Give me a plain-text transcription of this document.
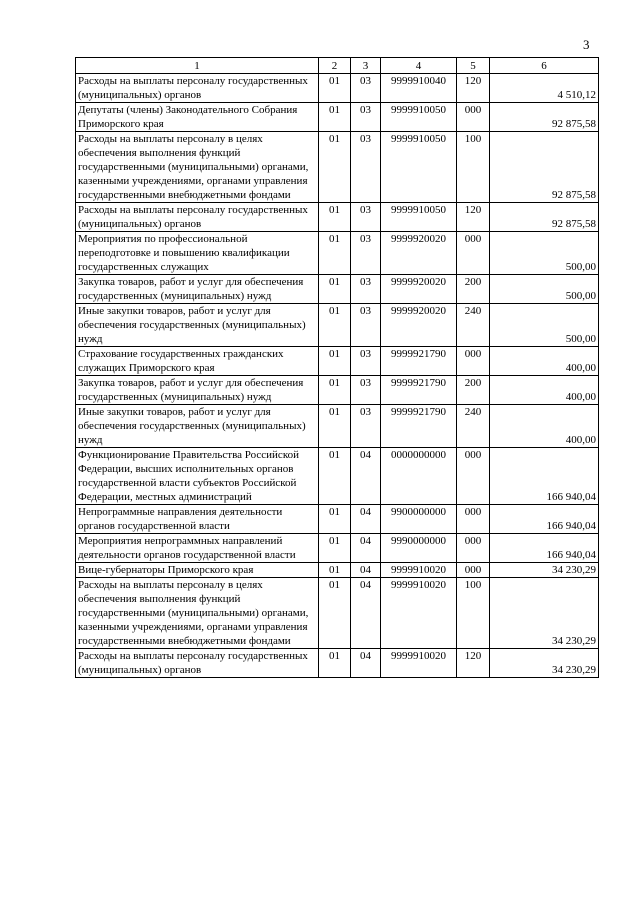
3
1	2	3	4	5	6
Расходы на выплаты персоналу государственных (муниципальных) органов	01	03	9999910040	120	4 510,12
Депутаты (члены) Законодательного Собрания Приморского края	01	03	9999910050	000	92 875,58
Расходы на выплаты персоналу в целях обеспечения выполнения функций государственными (муниципальными) органами, казенными учреждениями, органами управления государственными внебюджетными фондами	01	03	9999910050	100	92 875,58
Расходы на выплаты персоналу государственных (муниципальных) органов	01	03	9999910050	120	92 875,58
Мероприятия по профессиональной переподготовке и повышению квалификации государственных служащих	01	03	9999920020	000	500,00
Закупка товаров, работ и услуг для обеспечения государственных (муниципальных) нужд	01	03	9999920020	200	500,00
Иные закупки товаров, работ и услуг для обеспечения государственных (муниципальных) нужд	01	03	9999920020	240	500,00
Страхование государственных гражданских служащих Приморского края	01	03	9999921790	000	400,00
Закупка товаров, работ и услуг для обеспечения государственных (муниципальных) нужд	01	03	9999921790	200	400,00
Иные закупки товаров, работ и услуг для обеспечения государственных (муниципальных) нужд	01	03	9999921790	240	400,00
Функционирование Правительства Российской Федерации, высших исполнительных органов государственной власти субъектов Российской Федерации, местных администраций	01	04	0000000000	000	166 940,04
Непрограммные направления деятельности органов государственной власти	01	04	9900000000	000	166 940,04
Мероприятия непрограммных направлений деятельности органов государственной власти	01	04	9990000000	000	166 940,04
Вице-губернаторы Приморского края	01	04	9999910020	000	34 230,29
Расходы на выплаты персоналу в целях обеспечения выполнения функций государственными (муниципальными) органами, казенными учреждениями, органами управления государственными внебюджетными фондами	01	04	9999910020	100	34 230,29
Расходы на выплаты персоналу государственных (муниципальных) органов	01	04	9999910020	120	34 230,29
